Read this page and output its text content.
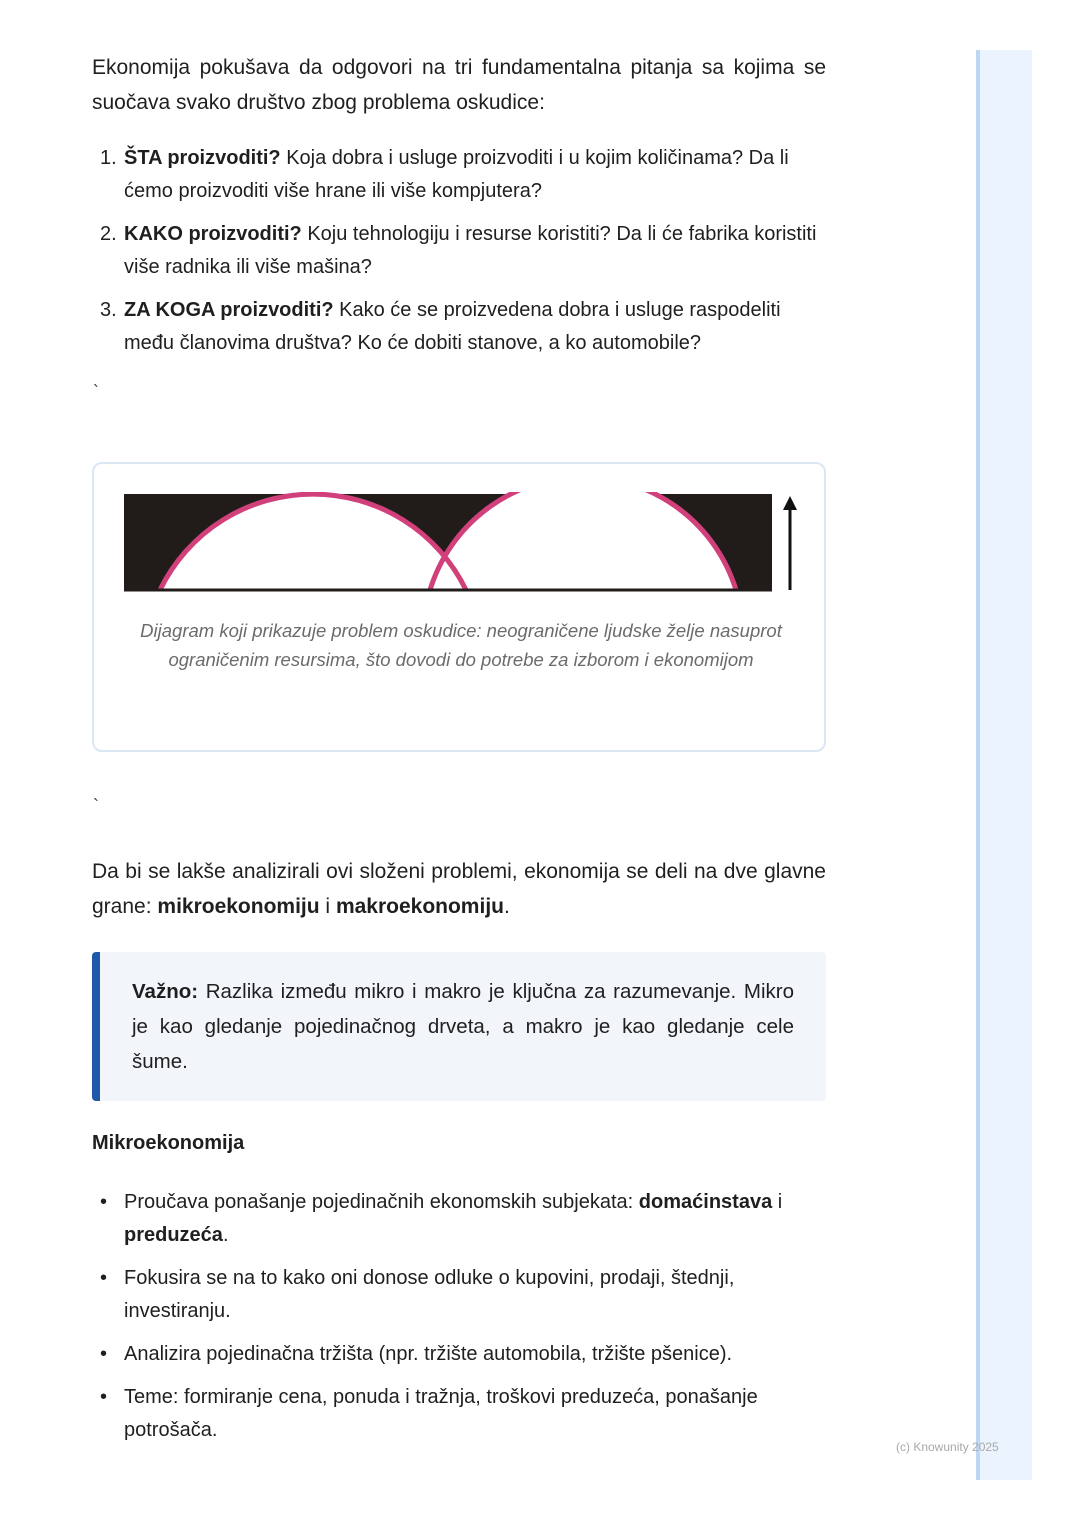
(c) Knowunity 2025

Ekonomija pokušava da odgovori na tri fundamentalna pitanja sa kojima se suočava svako društvo zbog problema oskudice:

1. ŠTA proizvoditi? Koja dobra i usluge proizvoditi i u kojim količinama? Da li ćemo proizvoditi više hrane ili više kompjutera?
2. KAKO proizvoditi? Koju tehnologiju i resurse koristiti? Da li će fabrika koristiti više radnika ili više mašina?
3. ZA KOGA proizvoditi? Kako će se proizvedena dobra i usluge raspodeliti među članovima društva? Ko će dobiti stanove, a ko automobile?
`
Dijagram koji prikazuje problem oskudice: neograničene ljudske želje nasuprot ograničenim resursima, što dovodi do potrebe za izborom i ekonomijom
`

Da bi se lakše analizirali ovi složeni problemi, ekonomija se deli na dve glavne grane: mikroekonomiju i makroekonomiju.

Važno: Razlika između mikro i makro je ključna za razumevanje. Mikro je kao gledanje pojedinačnog drveta, a makro je kao gledanje cele šume.

Mikroekonomija
• Proučava ponašanje pojedinačnih ekonomskih subjekata: domaćinstava i preduzeća.
• Fokusira se na to kako oni donose odluke o kupovini, prodaji, štednji, investiranju.
• Analizira pojedinačna tržišta (npr. tržište automobila, tržište pšenice).
• Teme: formiranje cena, ponuda i tražnja, troškovi preduzeća, ponašanje potrošača.
